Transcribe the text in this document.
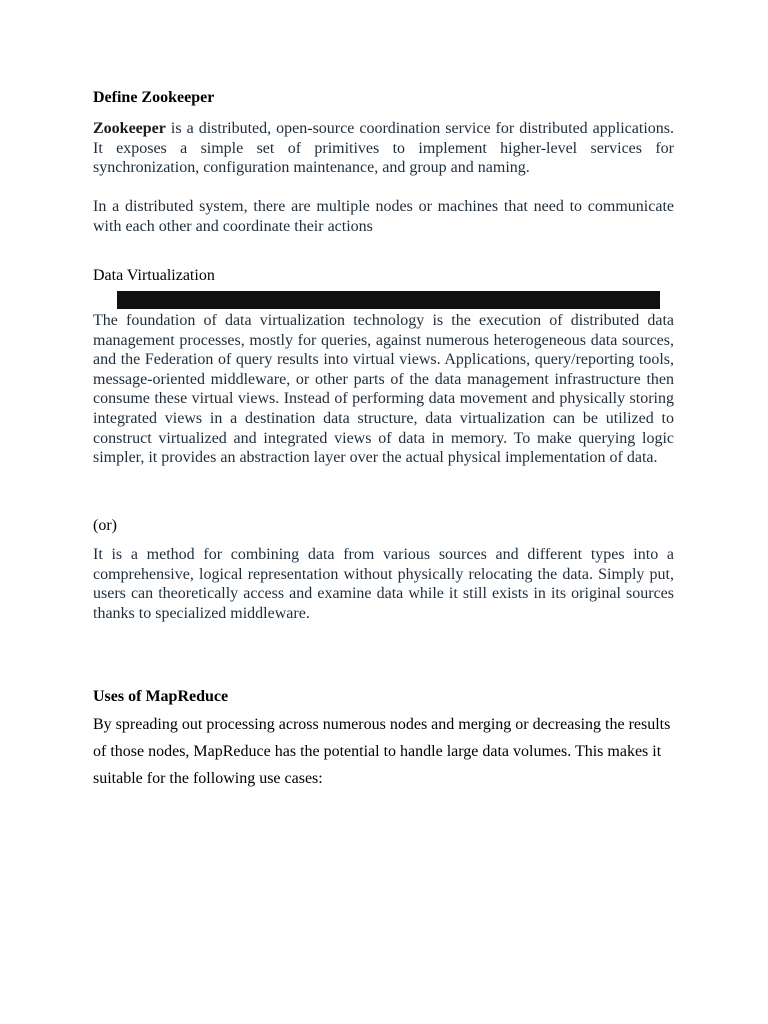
Define Zookeeper

Zookeeper is a distributed, open-source coordination service for distributed applications. It exposes a simple set of primitives to implement higher-level services for synchronization, configuration maintenance, and group and naming.

In a distributed system, there are multiple nodes or machines that need to communicate with each other and coordinate their actions

Data Virtualization

The foundation of data virtualization technology is the execution of distributed data management processes, mostly for queries, against numerous heterogeneous data sources, and the Federation of query results into virtual views. Applications, query/reporting tools, message-oriented middleware, or other parts of the data management infrastructure then consume these virtual views. Instead of performing data movement and physically storing integrated views in a destination data structure, data virtualization can be utilized to construct virtualized and integrated views of data in memory. To make querying logic simpler, it provides an abstraction layer over the actual physical implementation of data.

(or)

It is a method for combining data from various sources and different types into a comprehensive, logical representation without physically relocating the data. Simply put, users can theoretically access and examine data while it still exists in its original sources thanks to specialized middleware.

Uses of MapReduce

By spreading out processing across numerous nodes and merging or decreasing the results of those nodes, MapReduce has the potential to handle large data volumes. This makes it suitable for the following use cases:
